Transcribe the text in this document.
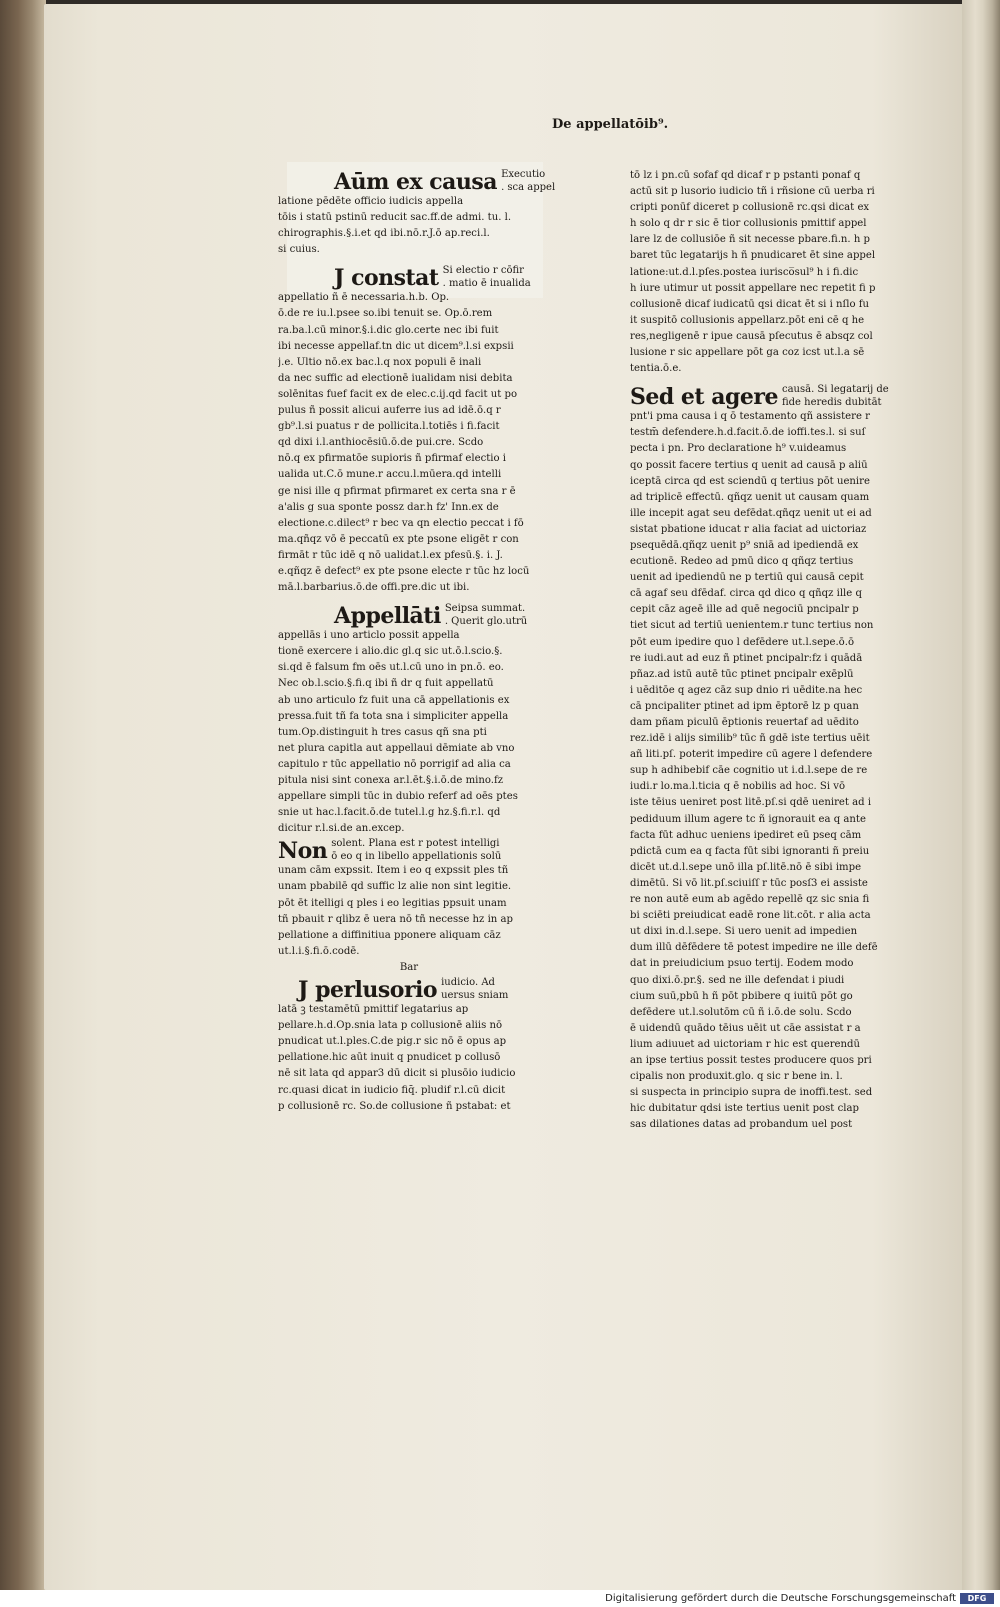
De appellatōib⁹.
Aūm ex causa Executio
. sca appel

latione pēdēte officio iudicis appella

tōis i statū pstinū reducit sac.ff.de admi. tu. l.

chirographis.§.i.et qd ibi.nō.r.J.ō ap.reci.l.

si cuius.

J constat Si electio r cōfir
. matio ē inualida

appellatio ñ ē necessaria.h.b. Op.

ō.de re iu.l.psee so.ibi tenuit se. Op.ō.rem

ra.ba.l.cū minor.§.i.dic glo.certe nec ibi fuit

ibi necesse appellaf.tn dic ut dicem⁹.l.si expsii

j.e. Ultio nō.ex bac.l.q nox populi ē inali

da nec suffic ad electionē iualidam nisi debita

solēnitas fuef facit ex de elec.c.ij.qd facit ut po

pulus ñ possit alicui auferre ius ad idē.ō.q r

gb⁹.l.si puatus r de pollicita.l.totiēs i fi.facit

qd dixi i.l.anthiocēsiū.ō.de pui.cre. Scdo

nō.q ex pfirmatōe supioris ñ pfirmaf electio i

ualida ut.C.ō mune.r accu.l.mūera.qd intelli

ge nisi ille q pfirmat pfirmaret ex certa sna r ē

a'alis g sua sponte possz dar.h fz' Inn.ex de

electione.c.dilect⁹ r bec va qn electio peccat i fō

ma.qñqz vō ē peccatū ex pte psone eligēt r con

firmāt r tūc idē q nō ualidat.l.ex pfesū.§. i. J.

e.qñqz ē defect⁹ ex pte psone electe r tūc hz locū

mā.l.barbarius.ō.de offi.pre.dic ut ibi.

Appellāti Seipsa summat.
. Querit glo.utrū

appellās i uno articlo possit appella

tionē exercere i alio.dic gl.q sic ut.ō.l.scio.§.

si.qd ē falsum fm oēs ut.l.cū uno in pn.ō. eo.

Nec ob.l.scio.§.fi.q ibi ñ dr q fuit appellatū

ab uno articulo fz fuit una cā appellationis ex

pressa.fuit tñ fa tota sna i simpliciter appella

tum.Op.distinguit h tres casus qñ sna pti

net plura capitla aut appellaui dēmiate ab vno

capitulo r tūc appellatio nō porrigif ad alia ca

pitula nisi sint conexa ar.l.ēt.§.i.ō.de mino.fz

appellare simpli tūc in dubio referf ad oēs ptes

snie ut hac.l.facit.ō.de tutel.l.g hz.§.fi.r.l. qd

dicitur r.l.si.de an.excep.

Non solent. Plana est r potest intelligi
ō eo q in libello appellationis solū

unam cām expssit. Item i eo q expssit ples tñ

unam pbabilē qd suffic lz alie non sint legitie.

pōt ēt itelligi q ples i eo legitias ppsuit unam

tñ pbauit r qlibz ē uera nō tñ necesse hz in ap

pellatione a diffinitiua pponere aliquam cāz

ut.l.i.§.fi.ō.codē.

Bar

J perlusorio iudicio. Ad
uersus sniam

latā ꝫ testamētū pmittif legatarius ap

pellare.h.d.Op.snia lata p collusionē aliis nō

pnudicat ut.l.ples.C.de pig.r sic nō ē opus ap

pellatione.hic aūt inuit q pnudicet p collusō

nē sit lata qd appar3 dū dicit si plusōio iudicio

rc.quasi dicat in iudicio fiq̄. pludif r.l.cū dicit

p collusionē rc. So.de collusione ñ pstabat: et

tō lz i pn.cū sofaf qd dicaf r p pstanti ponaf q

actū sit p lusorio iudicio tñ i rñsione cū uerba ri

cripti ponūf diceret p collusionē rc.qsi dicat ex

h solo q dr r sic ē tior collusionis pmittif appel

lare lz de collusiōe ñ sit necesse pbare.fi.n. h p

baret tūc legatarijs h ñ pnudicaret ēt sine appel

latione:ut.d.l.pſes.postea iurisco̅sul⁹ h i fi.dic

h iure utimur ut possit appellare nec repetit fi p

collusionē dicaf iudicatū qsi dicat ēt si i nſlo fu

it suspitō collusionis appellarz.pōt eni cē q he

res,negligenē r ipue causā pſecutus ē absqz col

lusione r sic appellare pōt ga coz icst ut.l.a sē

tentia.ō.e.

Sed et agere causā. Si legatarij de
fide heredis dubitāt

pnt'i pma causa i q ō testamento qñ assistere r

testm̄ defendere.h.d.facit.ō.de ioffi.tes.l. si suſ

pecta i pn. Pro declaratione h⁹ v.uideamus

qo possit facere tertius q uenit ad causā p aliū

iceptā circa qd est sciendū q tertius pōt uenire

ad triplicē effectū. qñqz uenit ut causam quam

ille incepit agat seu defēdat.qñqz uenit ut ei ad

sistat pbatione iducat r alia faciat ad uictoriaz

psequēdā.qñqz uenit p⁹ sniā ad ipediendā ex

ecutionē. Redeo ad pmū dico q qñqz tertius

uenit ad ipediendū ne p tertiū qui causā cepit

cā agaf seu dfēdaf. circa qd dico q qñqz ille q

cepit cāz ageē ille ad quē negociū pncipalr p

tiet sicut ad tertiū uenientem.r tunc tertius non

pōt eum ipedire quo l defēdere ut.l.sepe.ō.ō

re iudi.aut ad euz ñ ptinet pncipalr:fz i quādā

pñaz.ad istū autē tūc ptinet pncipalr exēplū

i uēditōe q agez cāz sup dnio ri uēdite.na hec

cā pncipaliter ptinet ad ipm ēptorē lz p quan

dam pñam piculū ēptionis reuertaf ad uēdito

rez.idē i alijs similib⁹ tūc ñ gdē iste tertius uēit

añ liti.pſ. poterit impedire cū agere l defendere

sup h adhibebif cāe cognitio ut i.d.l.sepe de re

iudi.r lo.ma.l.ticia q ē nobilis ad hoc. Si vō

iste tēius ueniret post litē.pſ.si qdē ueniret ad i

pediduum illum agere tc ñ ignorauit ea q ante

facta fūt adhuc ueniens ipediret eū pseq cām

pdictā cum ea q facta fūt sibi ignoranti ñ preiu

dicēt ut.d.l.sepe unō illa pſ.litē.nō ē sibi impe

dimētū. Si vō lit.pſ.sciuiſſ r tūc posſ3 ei assiste

re non autē eum ab agēdo repellē qz sic snia fi

bi sciēti preiudicat eadē rone lit.cōt. r alia acta

ut dixi in.d.l.sepe. Si uero uenit ad impedien

dum illū dēfēdere tē potest impedire ne ille defē

dat in preiudicium psuo tertij. Eodem modo

quo dixi.ō.pr.§. sed ne ille defendat i piudi

cium suū,pbū h ñ pōt pbibere q iuitū pōt go

defēdere ut.l.solutōm cū ñ i.ō.de solu. Scdo

ē uidendū quādo tēius uēit ut cāe assistat r a

lium adiuuet ad uictoriam r hic est querendū

an ipse tertius possit testes producere quos pri

cipalis non produxit.glo. q sic r bene in. l.

si suspecta in principio supra de inoffi.test. sed

hic dubitatur qdsi iste tertius uenit post clap

sas dilationes datas ad probandum uel post

Digitalisierung gefördert durch die Deutsche Forschungsgemeinschaft	DFG
